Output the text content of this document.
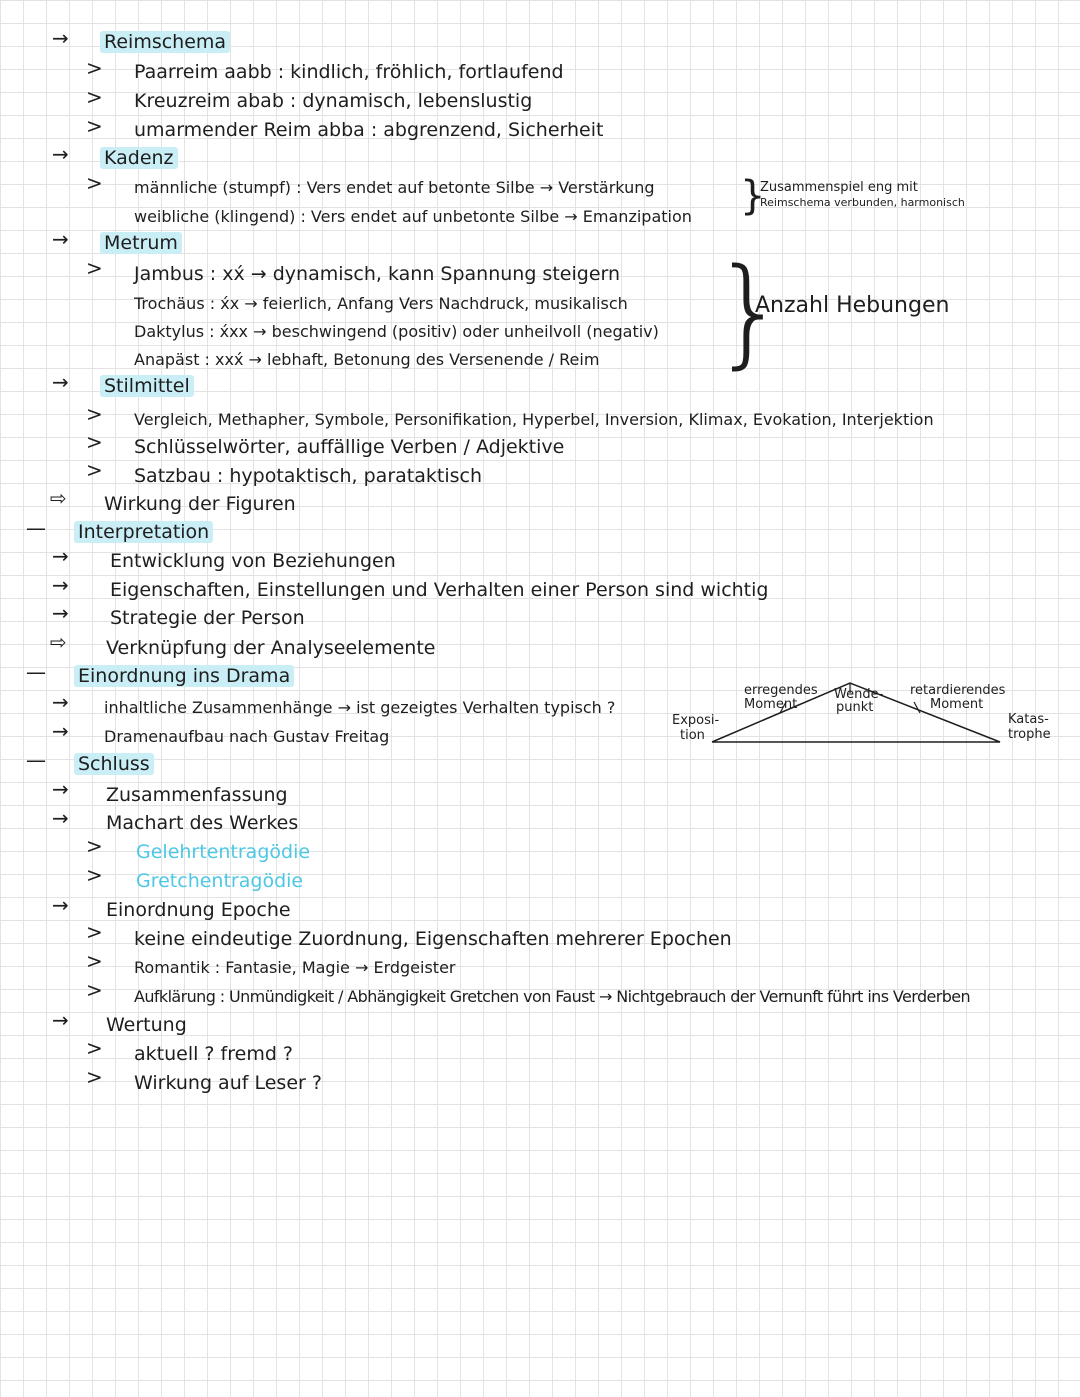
→ Reimschema
> Paarreim aabb : kindlich, fröhlich, fortlaufend
> Kreuzreim abab : dynamisch, lebenslustig
> umarmender Reim abba : abgrenzend, Sicherheit
→ Kadenz
> männliche (stumpf) : Vers endet auf betonte Silbe → Verstärkung
weibliche (klingend) : Vers endet auf unbetonte Silbe → Emanzipation }
Zusammenspiel eng mit
Reimschema verbunden, harmonisch
→ Metrum
> Jambus : xx́ → dynamisch, kann Spannung steigern
Trochäus : x́x → feierlich, Anfang Vers Nachdruck, musikalisch
Daktylus : x́xx → beschwingend (positiv) oder unheilvoll (negativ)
Anapäst : xxx́ → lebhaft, Betonung des Versenende / Reim }
Anzahl Hebungen
→ Stilmittel
> Vergleich, Methapher, Symbole, Personifikation, Hyperbel, Inversion, Klimax, Evokation, Interjektion
> Schlüsselwörter, auffällige Verben / Adjektive
> Satzbau : hypotaktisch, parataktisch
⇨ Wirkung der Figuren
— Interpretation
→ Entwicklung von Beziehungen
→ Eigenschaften, Einstellungen und Verhalten einer Person sind wichtig
→ Strategie der Person
⇨ Verknüpfung der Analyseelemente
— Einordnung ins Drama
→ inhaltliche Zusammenhänge → ist gezeigtes Verhalten typisch ?
→ Dramenaufbau nach Gustav Freitag
Exposi-
tion
erregendes
Moment
Wende-
punkt
retardierendes
Moment
Katas-
trophe
— Schluss
→ Zusammenfassung
→ Machart des Werkes
> Gelehrtentragödie
> Gretchentragödie
→ Einordnung Epoche
> keine eindeutige Zuordnung, Eigenschaften mehrerer Epochen
> Romantik : Fantasie, Magie → Erdgeister
> Aufklärung : Unmündigkeit / Abhängigkeit Gretchen von Faust → Nichtgebrauch der Vernunft führt ins Verderben
→ Wertung
> aktuell ? fremd ?
> Wirkung auf Leser ?
